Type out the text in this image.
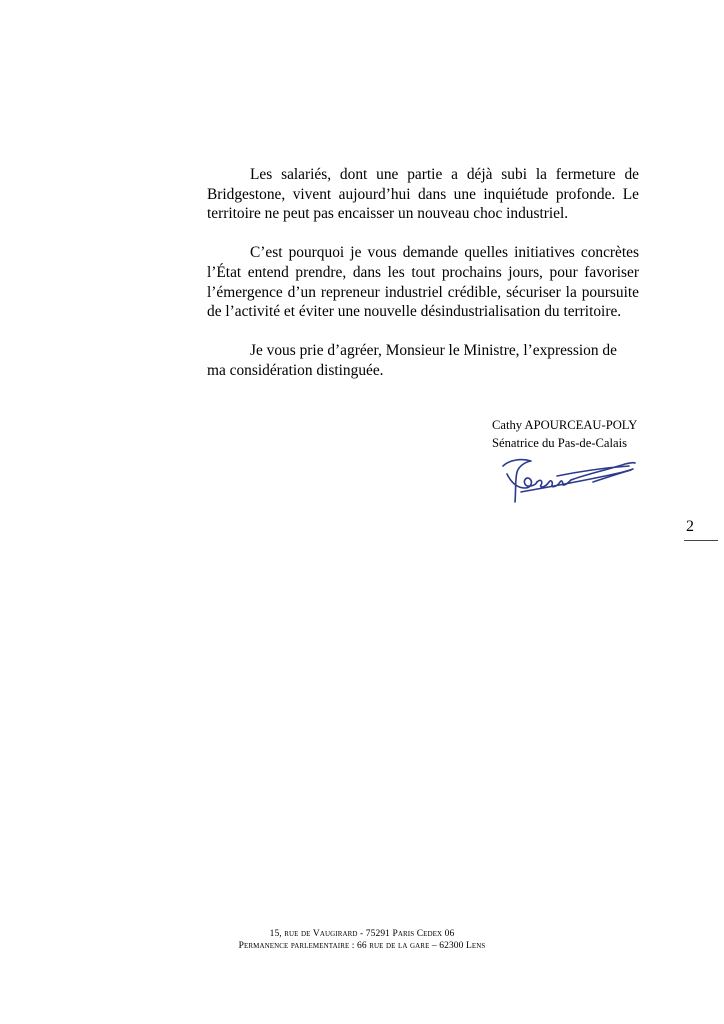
Les salariés, dont une partie a déjà subi la fermeture de Bridgestone, vivent aujourd’hui dans une inquiétude profonde. Le territoire ne peut pas encaisser un nouveau choc industriel.

C’est pourquoi je vous demande quelles initiatives concrètes l’État entend prendre, dans les tout prochains jours, pour favoriser l’émergence d’un repreneur industriel crédible, sécuriser la poursuite de l’activité et éviter une nouvelle désindustrialisation du territoire.

Je vous prie d’agréer, Monsieur le Ministre, l’expression de ma considération distinguée.

Cathy APOURCEAU-POLY
Sénatrice du Pas-de-Calais
2
15, rue de Vaugirard - 75291 Paris Cedex 06
Permanence parlementaire : 66 rue de la gare – 62300 Lens
